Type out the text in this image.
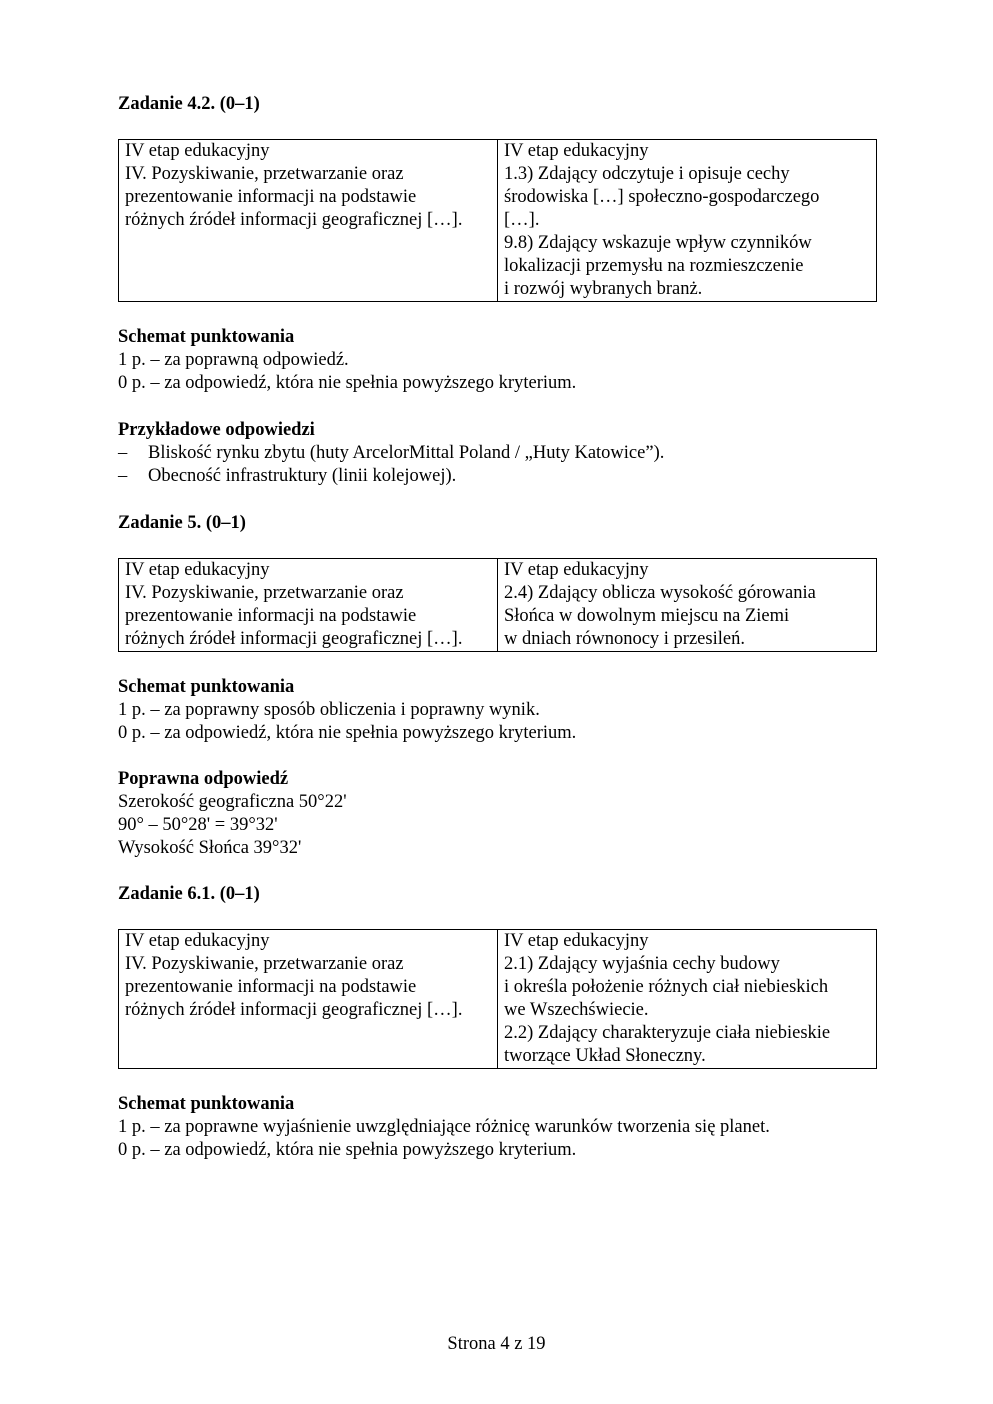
Zadanie 4.2. (0–1)

IV etap edukacyjny
IV. Pozyskiwanie, przetwarzanie oraz
prezentowanie informacji na podstawie
różnych źródeł informacji geograficznej […].

IV etap edukacyjny
1.3) Zdający odczytuje i opisuje cechy
środowiska […] społeczno-gospodarczego
[…].
9.8) Zdający wskazuje wpływ czynników
lokalizacji przemysłu na rozmieszczenie
i rozwój wybranych branż.

Schemat punktowania

1 p. – za poprawną odpowiedź.

0 p. – za odpowiedź, która nie spełnia powyższego kryterium.

Przykładowe odpowiedzi

– Bliskość rynku zbytu (huty ArcelorMittal Poland / „Huty Katowice”).
– Obecność infrastruktury (linii kolejowej).

Zadanie 5. (0–1)

IV etap edukacyjny
IV. Pozyskiwanie, przetwarzanie oraz
prezentowanie informacji na podstawie
różnych źródeł informacji geograficznej […].

IV etap edukacyjny
2.4) Zdający oblicza wysokość górowania
Słońca w dowolnym miejscu na Ziemi
w dniach równonocy i przesileń.

Schemat punktowania

1 p. – za poprawny sposób obliczenia i poprawny wynik.

0 p. – za odpowiedź, która nie spełnia powyższego kryterium.

Poprawna odpowiedź

Szerokość geograficzna 50°22'

90° – 50°28' = 39°32'

Wysokość Słońca 39°32'

Zadanie 6.1. (0–1)

IV etap edukacyjny
IV. Pozyskiwanie, przetwarzanie oraz
prezentowanie informacji na podstawie
różnych źródeł informacji geograficznej […].

IV etap edukacyjny
2.1) Zdający wyjaśnia cechy budowy
i określa położenie różnych ciał niebieskich
we Wszechświecie.
2.2) Zdający charakteryzuje ciała niebieskie
tworzące Układ Słoneczny.

Schemat punktowania

1 p. – za poprawne wyjaśnienie uwzględniające różnicę warunków tworzenia się planet.

0 p. – za odpowiedź, która nie spełnia powyższego kryterium.

Strona 4 z 19
